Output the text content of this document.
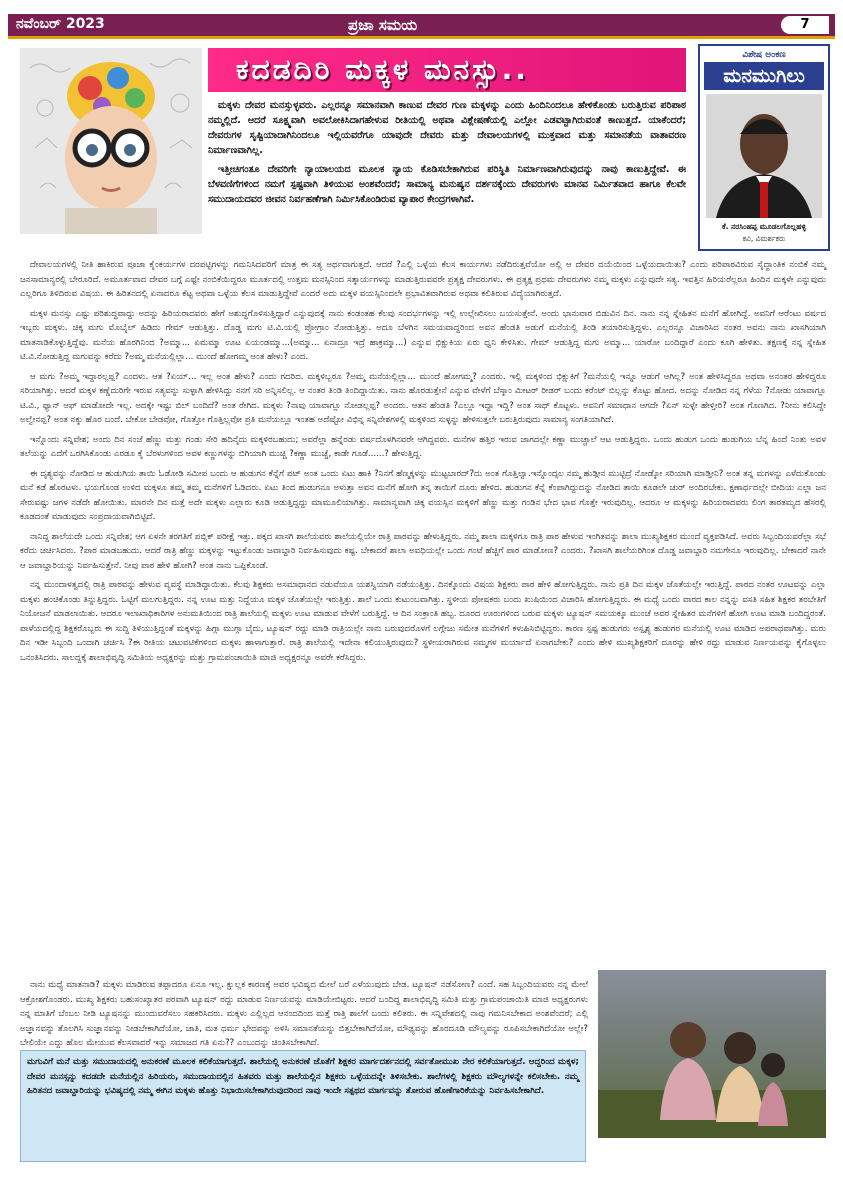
ನವೆಂಬರ್ 2023	ಪ್ರಜಾ ಸಮಯ	7
ಕದಡದಿರಿ ಮಕ್ಕಳ ಮನಸ್ಸು..	ವಿಶೇಷ ಅಂಕಣ
ಮನಮುಗಿಲು
ಕೆ. ನರಸಿಂಹಪ್ಪ ಮೂಡಲಗೊಲ್ಲಹಳ್ಳಿ
ಕವಿ, ವಿಮರ್ಶಕರು

ಮಕ್ಕಳು ದೇವರ ಮನಸ್ಸುಳ್ಳವರು. ಎಲ್ಲರನ್ನೂ ಸಮಾನವಾಗಿ ಕಾಣುವ ದೇವರ ಗುಣ ಮಕ್ಕಳನ್ನು ಎಂದು ಹಿಂದಿನಿಂದಲೂ ಹೇಳಿಕೊಂಡು ಬರುತ್ತಿರುವ ಪರಿಪಾಠ ನಮ್ಮಲ್ಲಿದೆ. ಆದರೆ ಸೂಕ್ಷ್ಮವಾಗಿ ಅವಲೋಕಿಸಿದಾಗಹೇಳುವ ರೀತಿಯಲ್ಲಿ ಅಥವಾ ವಿಶ್ಲೇಷಣೆಯಲ್ಲಿ ಎಲ್ಲೋ ಎಡವಟ್ಟಾಗಿರುವಂತೆ ಕಾಣುತ್ತದೆ. ಯಾಕೆಂದರೆ; ದೇವರುಗಳ ಸೃಷ್ಟಿಯಾದಾಗಿನಿಂದಲೂ ಇಲ್ಲಿಯವರೆಗೂ ಯಾವುದೇ ದೇವರು ಮತ್ತು ದೇವಾಲಯಗಳಲ್ಲಿ ಮುಕ್ತವಾದ ಮತ್ತು ಸಮಾನತೆಯ ವಾತಾವರಣ ನಿರ್ಮಾಣವಾಗಿಲ್ಲ.

ಇತ್ತೀಚಿಗಂತೂ ದೇವರಿಗೇ ನ್ಯಾಯಾಲಯದ ಮೂಲಕ ನ್ಯಾಯ ಕೊಡಿಸಬೇಕಾಗಿರುವ ಪರಿಸ್ಥಿತಿ ನಿರ್ಮಾಣವಾಗಿರುವುದನ್ನು ನಾವು ಕಾಣುತ್ತಿದ್ದೇವೆ. ಈ ಬೆಳವಣಿಗೆಗಳಿಂದ ನಮಗೆ ಸ್ಪಷ್ಟವಾಗಿ ತಿಳಿಯುವ ಅಂಶವೆಂದರೆ; ಸಾಮಾನ್ಯ ಮನುಷ್ಯನ ದರ್ಶನಕ್ಕೆಂದು ದೇವರುಗಳು ಮಾನವ ನಿರ್ಮಿತವಾದ ಹಾಗೂ ಕೆಲವೇ ಸಮುದಾಯದವರ ಜೀವನ ನಿರ್ವಹಣೆಗಾಗಿ ನಿರ್ಮಿಸಿಕೊಂಡಿರುವ ವ್ಯಾಪಾರ ಕೇಂದ್ರಗಳಾಗಿವೆ.

ದೇವಾಲಯಗಳಲ್ಲಿ ನೀತಿ ಹಾಕಿರುವ ಪೂಜಾ ಕೈಂಕರ್ಯಗಳ ದರಪಟ್ಟಿಗಳನ್ನು ಗಮನಿಸಿದವರಿಗೆ ಮಾತ್ರ ಈ ಸತ್ಯ ಅರ್ಥವಾಗುತ್ತದೆ. ಆದರೆ ?ಎಲ್ಲಿ ಒಳ್ಳೆಯ ಕೆಲಸ ಕಾರ್ಯಗಳು ನಡೆದಿರುತ್ತವೆಯೋ ಅಲ್ಲಿ ಆ ದೇವರ ದಯೆಯಿಂದ ಒಳ್ಳೆಯದಾಯಿತು? ಎಂದು ಪರಿಪಾಠವಿರುವ ಸೈದ್ಧಾಂತಿಕ ನಂಬಿಕೆ ನಮ್ಮ ಜನಸಾಮಾನ್ಯರಲ್ಲಿ ಬೇರೂರಿದೆ. ಅಮೂರ್ತವಾದ ದೇವರ ಬಗ್ಗೆ ಎಷ್ಟೇ ನಂಬಿಕೆಯಿದ್ದರೂ ಮೂರ್ತದಲ್ಲಿ ಉತ್ತಮ ಮನಸ್ಸಿನಿಂದ ಸತ್ಕಾರ್ಯಗಳನ್ನು ಮಾಡುತ್ತಿರುವವರೇ ಪ್ರತ್ಯಕ್ಷ ದೇವರುಗಳು. ಈ ಪ್ರತ್ಯಕ್ಷ ಪ್ರಥಮ ದೇವರುಗಳು ನಮ್ಮ ಮಕ್ಕಳು ಎನ್ನುವುದೇ ಸತ್ಯ. ಇವತ್ತಿನ ಹಿರಿಯರೆಲ್ಲರೂ ಹಿಂದಿನ ಮಕ್ಕಳೇ ಎನ್ನುವುದು ಎಲ್ಲರಿಗೂ ತಿಳಿದಿರುವ ವಿಷಯ. ಈ ಹಿರಿತನದಲ್ಲಿ ಏನಾದರೂ ಕೆಟ್ಟ ಅಥವಾ ಒಳ್ಳೆಯ ಕೆಲಸ ಮಾಡುತ್ತಿದ್ದೇವೆ ಎಂದರೆ ಅದು ಮಕ್ಕಳ ವಯಸ್ಸಿನಿಂದಲೇ ಪ್ರಭಾವಿತವಾಗಿರುವ ಅಥವಾ ಕಲಿತಿರುವ ವಿದ್ಯೆಯಾಗಿರುತ್ತದೆ.

ಮಕ್ಕಳ ಮನಸ್ಸು ಎಷ್ಟು ಪರಿಶುದ್ಧವಾದ್ದು ಅದನ್ನು ಹಿರಿಯರಾದವರು ಹೇಗೆ ಅಶುದ್ಧಗೊಳಿಸುತ್ತಿದ್ದಾರೆ ಎನ್ನುವುದಕ್ಕೆ ನಾನು ಕಂಡಂತಹ ಕೆಲವು ಸಂದರ್ಭಗಳನ್ನು ಇಲ್ಲಿ ಉಲ್ಲೇಖಿಸಲು ಬಯಸುತ್ತೇನೆ. ಅಂದು ಭಾನುವಾರ ಬಿಡುವಿನ ದಿನ. ನಾನು ನನ್ನ ಸ್ನೇಹಿತನ ಮನೆಗೆ ಹೋಗಿದ್ದೆ. ಅವನಿಗೆ ಆರೆಂಟು ವರ್ಷದ ಇಬ್ಬರು ಮಕ್ಕಳು. ಚಿಕ್ಕ ಮಗು ಮೊಬೈಲ್ ಹಿಡಿದು ಗೇಮ್ ಆಡುತ್ತಿತ್ತು. ದೊಡ್ಡ ಮಗು ಟಿ.ವಿ.ಯಲ್ಲಿ ಪ್ರೋಗ್ರಾಂ ನೋಡುತ್ತಿತ್ತು. ಅದೂ ಬೆಳಗಿನ ಸಮಯವಾದ್ದರಿಂದ ಅವನ ಹೆಂಡತಿ ಅಡುಗೆ ಮನೆಯಲ್ಲಿ ತಿಂಡಿ ತಯಾರಿಸುತ್ತಿದ್ದಳು. ಎಲ್ಲರನ್ನೂ ವಿಚಾರಿಸಿದ ನಂತರ ಅವನು ನಾನು ಖಾಸಗಿಯಾಗಿ ಮಾತನಾಡಿಕೊಳ್ಳುತ್ತಿದ್ದೆವು. ಮನೆಯ ಹೊರಗಿನಿಂದ ?ಅಮ್ಮಾ... ಏಮಮ್ಮಾ ಊಟ ಏಯಂಡಮ್ಮಾ...(ಅಮ್ಮಾ... ಏನಾದ್ರೂ ಇದ್ರೆ ಹಾಕ್ರಮ್ಮಾ...) ಎನ್ನುವ ಭಿಕ್ಷುಕಿಯ ಏರು ಧ್ವನಿ ಕೇಳಿಸಿತು. ಗೇಮ್ ಆಡುತ್ತಿದ್ದ ಮಗು ಅಮ್ಮಾ... ಯಾರೋ ಬಂದಿದ್ದಾರೆ ಎಂದು ಕೂಗಿ ಹೇಳಿತು. ತಕ್ಷಣಕ್ಕೆ ನನ್ನ ಸ್ನೇಹಿತ ಟಿ.ವಿ.ನೋಡುತ್ತಿದ್ದ ಮಗುವನ್ನು ಕರೆದು ?ಅಮ್ಮ ಮನೆಯಲ್ಲಿಲ್ಲಾ... ಮುಂದೆ ಹೋಗಮ್ಮ ಅಂತ ಹೇಳು? ಎಂದ.

ಆ ಮಗು ?ಅಮ್ಮ ಇದ್ದಾರಲ್ಲಪ್ಪ? ಎಂದಳು. ಆತ ?ಏಯ್... ಇಲ್ಲ ಅಂತ ಹೇಳು? ಎಂದು ಗದರಿದ. ಮಕ್ಕಳಿಬ್ಬರೂ ?ಅಮ್ಮ ಮನೆಯಲ್ಲಿಲ್ಲಾ... ಮುಂದೆ ಹೋಗಮ್ಮ? ಎಂದರು. ಇಲ್ಲಿ ಮಕ್ಕಳಿಂದ ಭಿಕ್ಷುಕಿಗೆ ?ಮನೆಯಲ್ಲಿ ಇನ್ನೂ ಆಡುಗೆ ಆಗಿಲ್ಲ? ಅಂತ ಹೇಳಿಸಿದ್ದರೂ ಅಥವಾ ಅನಂತರ ಹೇಳಿದ್ದರೂ ಸರಿಯಾಗಿತ್ತು. ಆದರೆ ಮಕ್ಕಳ ಕಣ್ಣೆದುರಿಗೇ ಇರುವ ಸತ್ಯವನ್ನು ಸುಳ್ಳಾಗಿ ಹೇಳಿಸಿದ್ದು ನನಗೆ ಸರಿ ಅನ್ನಿಸಲಿಲ್ಲ. ಆ ನಂತರ ತಿಂಡಿ ತಿಂದಿದ್ದಾಯಿತು. ನಾನು ಹೊರಡುತ್ತೇನೆ ಎನ್ನುವ ವೇಳೆಗೆ ಬೆಸ್ಕಾಂ ಮೀಟರ್ ರೀಡರ್ ಬಂದು ಕರೆಂಟ್ ಬಿಲ್ಲನ್ನು ಕೊಟ್ಟು ಹೋದ. ಅದನ್ನು ನೋಡಿದ ನನ್ನ ಗೆಳೆಯ ?ನೋಡು ಯಾವಾಗ್ಲೂ ಟಿ.ವಿ., ಫ್ಯಾನ್ ಆಫ್ ಮಾಡೋದೇ ಇಲ್ಲ. ಅದಕ್ಕೇ ಇಷ್ಟು ಬಿಲ್ ಬಂದಿದೆ? ಅಂತ ರೇಗಿದ. ಮಕ್ಕಳು ?ನಾವು ಯಾವಾಗ್ಲೂ ನೋಡಲ್ಲಪ್ಪ? ಅಂದರು. ಆತನ ಹೆಂಡತಿ ?ಎಲ್ಲೂ ಇದ್ದಾ ಇದ್ದಿ? ಅಂತ ಸಾಥ್ ಕೊಟ್ಟಳು. ಅವನಿಗೆ ಸಮಾಧಾನ ಆಗದೇ ?ಏನ್ ಸುಳ್ಳೇ ಹೇಳ್ತೀರಿ? ಅಂತ ಗೊಣಗಿದ. ?ನೀನು ಕಲಿಸಿದ್ದೇ ಅಲ್ವೇನಪ್ಪ? ಅಂತ ನಕ್ಕು ಹೊರ ಬಂದೆ. ಬೇಕೋ ಬೇಡವೋ, ಗೊತ್ತೋ ಗೊತ್ತಿಲ್ಲವೋ ಪ್ರತಿ ಮನೆಯಲ್ಲೂ ಇಂತಹ ಅದೆಷ್ಟೋ ವಿಭಿನ್ನ ಸನ್ನಿವೇಶಗಳಲ್ಲಿ ಮಕ್ಕಳಿಂದ ಸುಳ್ಳನ್ನು ಹೇಳಿಸುತ್ತಲೇ ಬರುತ್ತಿರುವುದು ಸಾಮಾನ್ಯ ಸಂಗತಿಯಾಗಿದೆ.

ಇನ್ನೊಂದು ಸನ್ನಿವೇಶ; ಅಂದು ದಿನ ಸಂಜೆ ಹೆಣ್ಣು ಮತ್ತು ಗಂಡು ಸೇರಿ ಹದಿನೈದು ಮಕ್ಕಳಿರಬಹುದು; ಅವರೆಲ್ಲಾ ಹನ್ನೆರಡು ವರ್ಷದೊಳಗಿನವರೇ ಆಗಿದ್ದವರು. ಮನೆಗಳ ಹತ್ತಿರ ಇರುವ ಜಾಗದಲ್ಲೇ ಕಣ್ಣಾ ಮುಚ್ಚಾಲೆ ಆಟ ಆಡುತ್ತಿದ್ದರು. ಒಂದು ಹುಡುಗ ಒಂದು ಹುಡುಗಿಯ ಬೆನ್ನ ಹಿಂದೆ ನಿಂತು ಅವಳ ತಲೆಯನ್ನು ಎದೆಗೆ ಒರಗಿಸಿಕೊಂಡು ಎರಡೂ ಕೈ ಬೆರಳುಗಳಿಂದ ಅವಳ ಕಣ್ಣುಗಳನ್ನು ಬಿಗಿಯಾಗಿ ಮುಚ್ಚಿ ?ಕಣ್ಣಾ ಮುಚ್ಚೆ, ಕಾಡೇ ಗೂಡೆ......? ಹೇಳುತ್ತಿದ್ದ.

ಈ ದೃಶ್ಯವನ್ನು ನೋಡಿದ ಆ ಹುಡುಗಿಯ ತಾಯಿ ಓಡೋಡಿ ಸಮೀಪ ಬಂದು ಆ ಹುಡುಗನ ಕೆನ್ನೆಗೆ ಪಟ್ ಅಂತ ಒಂದು ಏಟು ಹಾಕಿ ?ನಿನಗೆ ಹೆಣ್ಮಕ್ಕಳನ್ನು ಮುಟ್ಟಬಾರದ್?ದು ಅಂತ ಗೊತ್ತಿಲ್ವಾ.ಇನ್ನೊಂದ್ಸಲ ನಮ್ಮ ಹುಡ್ಗೀನ ಮುಟ್ಟಿದ್ರೆ ನೋಡ್ಕೋ ಸರಿಯಾಗಿ ಮಾಡ್ತೀನಿ? ಅಂತ ತನ್ನ ಮಗಳನ್ನು ಎಳೆದುಕೊಂಡು ಮನೆ ಕಡೆ ಹೊರಟಳು. ಭಯಗೊಂಡ ಉಳಿದ ಮಕ್ಕಳೂ ತಮ್ಮ ತಮ್ಮ ಮನೆಗಳಿಗೆ ಓಡಿದರು. ಏಟು ತಿಂದ ಹುಡುಗನೂ ಅಳುತ್ತಾ ಅವನ ಮನೆಗೆ ಹೋಗಿ ತನ್ನ ತಾಯಿಗೆ ದೂರು ಹೇಳಿದ. ಹುಡುಗನ ಕೆನ್ನೆ ಕೆಂಪಾಗಿದ್ದುದನ್ನು ನೋಡಿದ ತಾಯಿ ಕೂಡಲೇ ಚುರ್ ಅಂದಿರಬೇಕು. ಕ್ಷಣಾರ್ಧದಲ್ಲೇ ಬೀದಿಯ ಎಲ್ಲಾ ಜನ ಸೇರುವಷ್ಟು ಜಗಳ ನಡೆದೇ ಹೋಯಿತು. ಮಾರನೇ ದಿನ ಮತ್ತೆ ಅದೇ ಮಕ್ಕಳು ಎಲ್ಲಾರು ಕೂಡಿ ಆಡುತ್ತಿದ್ದದ್ದು ಮಾಮೂಲಿಯಾಗಿತ್ತು. ಸಾಮಾನ್ಯವಾಗಿ ಚಿಕ್ಕ ವಯಸ್ಸಿನ ಮಕ್ಕಳಿಗೆ ಹೆಣ್ಣು ಮತ್ತು ಗಂಡಿನ ಭೇದ ಭಾವ ಗೊತ್ತೇ ಇರುವುದಿಲ್ಲ. ಆದರೂ ಆ ಮಕ್ಕಳನ್ನು ಹಿರಿಯರಾದವರು ಲಿಂಗ ತಾರತಮ್ಯದ ಹೆಸರಲ್ಲಿ ಕೂಡದಂತೆ ಮಾಡುವುದು ಸಂಪ್ರದಾಯವಾಗಿಬಿಟ್ಟಿದೆ.

ನಾನಿದ್ದ ಶಾಲೆಯದೇ ಒಂದು ಸನ್ನಿವೇಶ; ಆಗ ಏಳನೇ ತರಗತಿಗೆ ಪಬ್ಲಿಕ್ ಪರೀಕ್ಷೆ ಇತ್ತು. ಪಕ್ಕದ ಖಾಸಗಿ ಶಾಲೆಯವರು ಶಾಲೆಯಲ್ಲಿಯೇ ರಾತ್ರಿ ಪಾಠವನ್ನು ಹೇಳುತ್ತಿದ್ದರು. ನಮ್ಮ ಶಾಲಾ ಮಕ್ಕಳಿಗೂ ರಾತ್ರಿ ಪಾಠ ಹೇಳುವ ಇಂಗಿತವನ್ನು ಶಾಲಾ ಮುಖ್ಯಶಿಕ್ಷಕರ ಮುಂದೆ ವ್ಯಕ್ತಪಡಿಸಿದೆ. ಅವರು ಸಿಬ್ಬಂದಿಯವರೆಲ್ಲಾ ಸಭೆ ಕರೆದು ಚರ್ಚಿಸಿದರು. ?ಪಾಠ ಮಾಡಬಹುದು. ಆದರೆ ರಾತ್ರಿ ಹೆಣ್ಣು ಮಕ್ಕಳನ್ನು ಇಟ್ಟುಕೊಂಡು ಜವಾಬ್ದಾರಿ ನಿರ್ವಹಿಸುವುದು ಕಷ್ಟ. ಬೇಕಾದರೆ ಶಾಲಾ ಅವಧಿಯಲ್ಲೇ ಒಂದು ಗಂಟೆ ಹೆಚ್ಚಿಗೆ ಪಾಠ ಮಾಡೋಣ? ಎಂದರು. ?ಖಾಸಗಿ ಶಾಲೆಯರಿಗಿಂತ ದೊಡ್ಡ ಜವಾಬ್ದಾರಿ ನಮಗೇನೂ ಇರುವುದಿಲ್ಲ. ಬೇಕಾದರೆ ನಾನೇ ಆ ಜವಾಬ್ದಾರಿಯನ್ನು ನಿರ್ವಹಿಸುತ್ತೇನೆ. ನೀವು ಪಾಠ ಹೇಳಿ ಹೋಗಿ? ಅಂತ ನಾನು ಒಪ್ಪಿಕೊಂಡೆ.

ನನ್ನ ಮುಂದಾಳತ್ವದಲ್ಲಿ ರಾತ್ರಿ ಪಾಠವನ್ನು ಹೇಳುವ ವ್ಯವಸ್ಥೆ ಮಾಡಿದ್ದಾಯಿತು. ಕೆಲವು ಶಿಕ್ಷಕರು ಅಸಮಾಧಾನದ ನಡುವೆಯೂ ಯಶಸ್ವಿಯಾಗಿ ನಡೆಯುತ್ತಿತ್ತು. ದಿನಕ್ಕೊಂದು ವಿಷಯ ಶಿಕ್ಷಕರು ಪಾಠ ಹೇಳಿ ಹೋಗುತ್ತಿದ್ದರು. ನಾನು ಪ್ರತಿ ದಿನ ಮಕ್ಕಳ ಜೊತೆಯಲ್ಲೇ ಇರುತ್ತಿದ್ದೆ. ಪಾಠದ ನಂತರ ಊಟವನ್ನು ಎಲ್ಲಾ ಮಕ್ಕಳು ಹಂಚಿಕೊಂಡು ತಿನ್ನುತ್ತಿದ್ದರು. ಓಟ್ಟಿಗೆ ಮಲಗುತ್ತಿದ್ದರು. ನನ್ನ ಊಟ ಮತ್ತು ನಿದ್ದೆಯೂ ಮಕ್ಕಳ ಜೊತೆಯಲ್ಲೇ ಇರುತ್ತಿತ್ತು. ಶಾಲೆ ಒಂದು ಕುಟುಂಬವಾಗಿತ್ತು. ಸ್ಥಳೀಯ ಪೋಷಕರು ಬಂದು ಖುಷಿಯಿಂದ ವಿಚಾರಿಸಿ ಹೋಗುತ್ತಿದ್ದರು. ಈ ಮಧ್ಯೆ ಒಂದು ವಾರದ ಕಾಲ ನನ್ನನ್ನು ವಸತಿ ಸಹಿತ ಶಿಕ್ಷಕರ ತರಬೇತಿಗೆ ನಿಯೋಜನೆ ಮಾಡಲಾಯಿತು. ಆದರೂ ಇಲಾಖಾಧಿಕಾರಿಗಳ ಅನುಮತಿಯಿಂದ ರಾತ್ರಿ ಶಾಲೆಯಲ್ಲಿ ಮಕ್ಕಳು ಊಟ ಮಾಡುವ ವೇಳೆಗೆ ಬರುತ್ತಿದ್ದೆ. ಆ ದಿನ ಸಂಕ್ರಾಂತಿ ಹಬ್ಬ. ದೂರದ ಊರುಗಳಿಂದ ಬರುವ ಮಕ್ಕಳು ಟ್ಯೂಷನ್ ಸಮಯಕ್ಕೂ ಮುಂಚೆ ಅವರ ಸ್ನೇಹಿತರ ಮನೆಗಳಿಗೆ ಹೋಗಿ ಊಟ ಮಾಡಿ ಬಂದಿದ್ದರಂತೆ. ಪಾಳೆಯದಲ್ಲಿದ್ದ ಶಿಕ್ಷಕರೊಬ್ಬರು ಈ ಸುದ್ದಿ ತಿಳಿಯುತ್ತಿದ್ದಂತೆ ಮಕ್ಕಳನ್ನು ಹಿಗ್ಗಾ ಮುಗ್ಗಾ ಬೈದು, ಟ್ಯೂಷನ್ ರದ್ದು ಮಾಡಿ ರಾತ್ರಿಯಲ್ಲೇ ನಾನು ಬರುವುದರೊಳಗೆ ಲಗ್ಗೇಜು ಸಮೇತ ಮನೆಗಳಿಗೆ ಕಳುಹಿಸಿಬಿಟ್ಟಿದ್ದರು. ಕಾರಣ ಸ್ಪಷ್ಟ ಹುಡುಗರು ಅಸ್ಪೃಶ್ಯ ಹುಡುಗರ ಮನೆಯಲ್ಲಿ ಊಟ ಮಾಡಿದ ಅಪರಾಧವಾಗಿತ್ತು. ಮರು ದಿನ ಇಡೀ ಸಿಬ್ಬಂದಿ ಒಂದಾಗಿ ಚರ್ಚಿಸಿ ?ಈ ರೀತಿಯ ಚಟುವಟಿಕೆಗಳಿಂದ ಮಕ್ಕಳು ಹಾಳಾಗುತ್ತಾರೆ. ರಾತ್ರಿ ಶಾಲೆಯಲ್ಲಿ ಇದೇನಾ ಕಲಿಯುತ್ತಿರುವುದು? ಸ್ಥಳೀಯರಾಗಿರುವ ನಮ್ಮಗಳ ಮರ್ಯಾದೆ ಏನಾಗಬೇಕು? ಎಂದು ಹೇಳಿ ಮುಖ್ಯಶಿಕ್ಷಕರಿಗೆ ದೂರನ್ನು ಹೇಳಿ ರದ್ದು ಮಾಡುವ ನಿರ್ಣಯವನ್ನು ಕೈಗೊಳ್ಳಲು ಒನಂತಿಸಿದರು. ಸಾಲದ್ದಕ್ಕೆ ಶಾಲಾಭಿವೃದ್ಧಿ ಸಮಿತಿಯ ಅಧ್ಯಕ್ಷರನ್ನು ಮತ್ತು ಗ್ರಾಮಪಂಚಾಯಿತಿ ಮಾಜಿ ಅಧ್ಯಕ್ಷರನ್ನೂ ಅವರೇ ಕರೆಸಿದ್ದರು.

ನಾನು ಮಧ್ಯೆ ಮಾತನಾಡಿ? ಮಕ್ಕಳು ಮಾಡಿರುವ ತಪ್ಪಾದರೂ ಏನೂ ಇಲ್ಲ. ಕ್ಷುಲ್ಲಕ ಕಾರಣಕ್ಕೆ ಅವರ ಭವಿಷ್ಯದ ಮೇಲೆ ಬರೆ ಎಳೆಯುವುದು ಬೇಡ. ಟ್ಯೂಷನ್ ನಡೆಸೋಣ? ಎಂದೆ. ಸಹ ಸಿಬ್ಬಂದಿಯವರು ನನ್ನ ಮೇಲೆ ಆಕ್ರೋಶಗೊಂಡರು. ಮುಖ್ಯ ಶಿಕ್ಷಕರು ಬಹುಸಂಖ್ಯಾತರ ಪರವಾಗಿ ಟ್ಯೂಷನ್ ರದ್ದು ಮಾಡುವ ನಿರ್ಣಯವನ್ನು ಮಾಡಿಯೇಬಿಟ್ಟರು. ಆದರೆ ಬಂದಿದ್ದ ಶಾಲಾಭಿವೃದ್ಧಿ ಸಮಿತಿ ಮತ್ತು ಗ್ರಾಮಪಂಚಾಯಿತಿ ಮಾಜಿ ಅಧ್ಯಕ್ಷರುಗಳು ನನ್ನ ಮಾತಿಗೆ ಬೆಂಬಲ ನೀಡಿ ಟ್ಯೂಷನನ್ನು ಮುಂದುವರೆಸಲು ಸಹಕರಿಸಿದರು. ಮಕ್ಕಳು ಎಲ್ಲಿಲ್ಲದ ಆನಂದದಿಂದ ಮತ್ತೆ ರಾತ್ರಿ ಶಾಲೆಗೆ ಬಂದು ಕಲಿತರು. ಈ ಸನ್ನಿವೇಶದಲ್ಲಿ ನಾವು ಗಮನಿಸಬೇಕಾದ ಅಂಶವೆಂದರೆ; ಎಲ್ಲಿ ಅಜ್ಞಾನವನ್ನು ತೊಲಗಿಸಿ ಸುಜ್ಞಾನವನ್ನು ನೀಡಬೇಕಾಗಿದೆಯೋ, ಜಾತಿ, ಮತ ಧರ್ಮ ಭೇದವನ್ನು ಅಳಿಸಿ ಸಮಾನತೆಯನ್ನು ಬಿತ್ತಬೇಕಾಗಿದೆಯೋ, ಮೌಢ್ಯವನ್ನು ಹೊರದೂಡಿ ಮೌಲ್ಯವನ್ನು ರೂಪಿಸಬೇಕಾಗಿದೆಯೋ ಅಲ್ಲೇ? ಬೇಲಿಯೇ ಎದ್ದು ಹೊಲ ಮೇಯುವ ಕೆಲಸವಾದರೆ ಇನ್ನು ಸಮಾಜದ ಗತಿ ಏನು?? ಎಂಬುದನ್ನು ಚಿಂತಿಸಬೇಕಾಗಿದೆ.

ಮಗುವಿಗೆ ಮನೆ ಮತ್ತು ಸಮುದಾಯದಲ್ಲಿ ಅನುಕರಣೆ ಮೂಲಕ ಕಲಿಕೆಯಾಗುತ್ತದೆ. ಶಾಲೆಯಲ್ಲಿ ಅನುಕರಣೆ ಜೊತೆಗೆ ಶಿಕ್ಷಕರ ಮಾರ್ಗದರ್ಶನದಲ್ಲಿ ಸರ್ವತೋಮುಖ ನೇರ ಕಲಿಕೆಯಾಗುತ್ತದೆ. ಆದ್ದರಿಂದ ಮಕ್ಕಳ; ದೇವರ ಮನಸ್ಸನ್ನು ಕದಡದೇ ಮನೆಯಲ್ಲಿನ ಹಿರಿಯರು, ಸಮುದಾಯದಲ್ಲಿನ ಹಿತವರು ಮತ್ತು ಶಾಲೆಯಲ್ಲಿನ ಶಿಕ್ಷಕರು ಒಳ್ಳೆಯದನ್ನೇ ತಿಳಿಸಬೇಕು. ಶಾಲೆಗಳಲ್ಲಿ ಶಿಕ್ಷಕರು ಮೌಲ್ಯಗಳನ್ನೇ ಕಲಿಸಬೇಕು. ನಮ್ಮ ಹಿರಿತನದ ಜವಾಬ್ದಾರಿಯನ್ನು ಭವಿಷ್ಯದಲ್ಲಿ ನಮ್ಮ ಈಗಿನ ಮಕ್ಕಳು ಹೊತ್ತು ನಿಭಾಯಿಸಬೇಕಾಗಿರುವುದರಿಂದ ನಾವು ಇಂದೇ ಸತ್ಪಥದ ಮಾರ್ಗವನ್ನು ತೋರುವ ಹೊಣೆಗಾರಿಕೆಯನ್ನು ನಿರ್ವಹಿಸಬೇಕಾಗಿದೆ.
